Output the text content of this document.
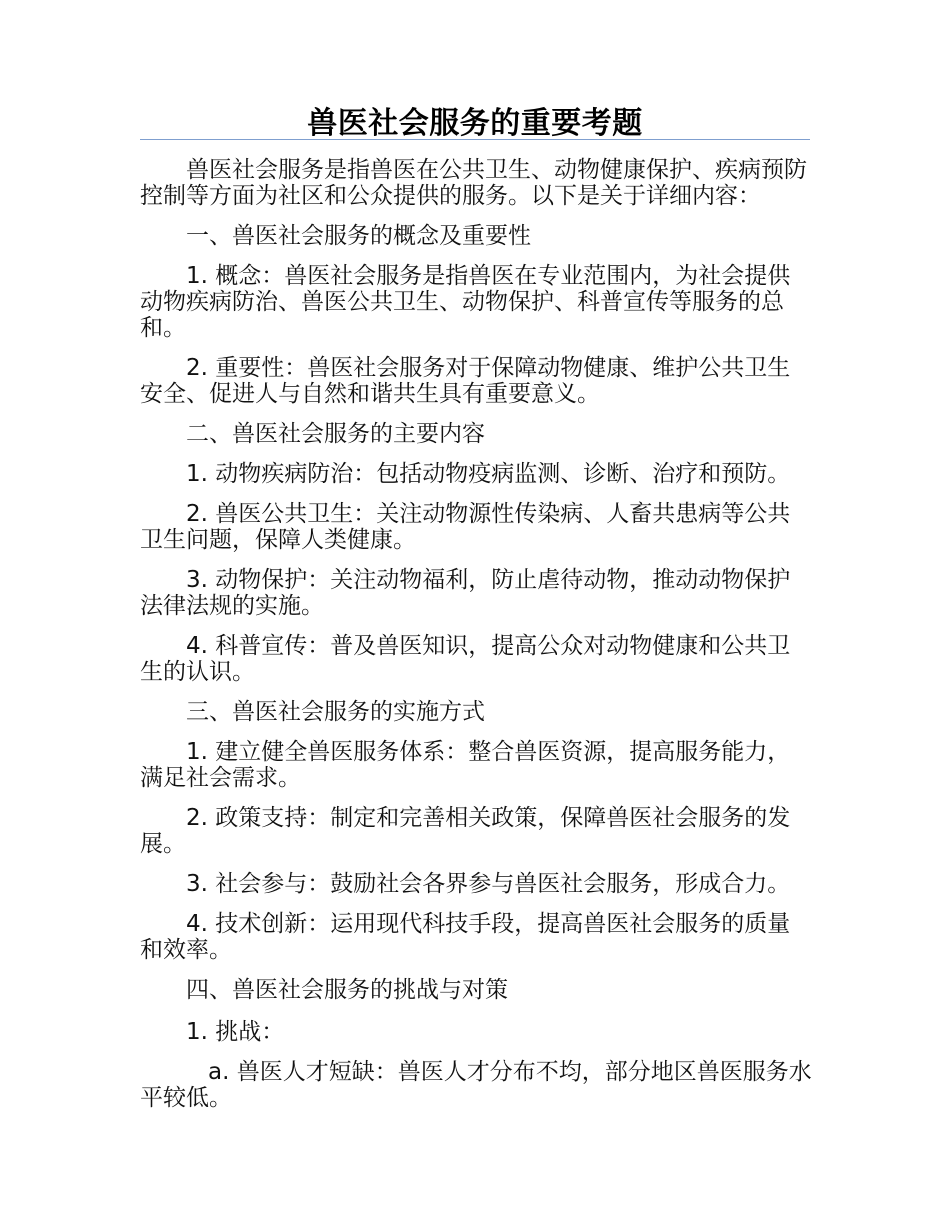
兽医社会服务的重要考题

兽医社会服务是指兽医在公共卫生、动物健康保护、疾病预防控制等方面为社区和公众提供的服务。以下是关于详细内容：

一、兽医社会服务的概念及重要性

1. 概念：兽医社会服务是指兽医在专业范围内，为社会提供动物疾病防治、兽医公共卫生、动物保护、科普宣传等服务的总和。

2. 重要性：兽医社会服务对于保障动物健康、维护公共卫生安全、促进人与自然和谐共生具有重要意义。

二、兽医社会服务的主要内容

1. 动物疾病防治：包括动物疫病监测、诊断、治疗和预防。

2. 兽医公共卫生：关注动物源性传染病、人畜共患病等公共卫生问题，保障人类健康。

3. 动物保护：关注动物福利，防止虐待动物，推动动物保护法律法规的实施。

4. 科普宣传：普及兽医知识，提高公众对动物健康和公共卫生的认识。

三、兽医社会服务的实施方式

1. 建立健全兽医服务体系：整合兽医资源，提高服务能力，满足社会需求。

2. 政策支持：制定和完善相关政策，保障兽医社会服务的发展。

3. 社会参与：鼓励社会各界参与兽医社会服务，形成合力。

4. 技术创新：运用现代科技手段，提高兽医社会服务的质量和效率。

四、兽医社会服务的挑战与对策

1. 挑战：

a. 兽医人才短缺：兽医人才分布不均，部分地区兽医服务水平较低。
